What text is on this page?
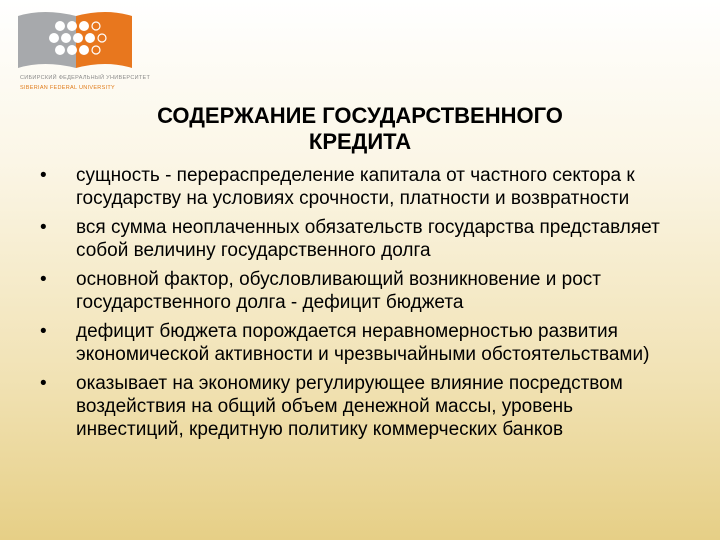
СИБИРСКИЙ ФЕДЕРАЛЬНЫЙ УНИВЕРСИТЕТ
SIBERIAN FEDERAL UNIVERSITY
СОДЕРЖАНИЕ ГОСУДАРСТВЕННОГО
КРЕДИТА
• сущность - перераспределение капитала от частного сектора к государству на условиях срочности, платности и возвратности
• вся сумма неоплаченных обязательств государства представляет собой величину государственного долга
• основной фактор, обусловливающий возникновение и рост государственного долга - дефицит бюджета
• дефицит бюджета порождается неравномерностью развития экономической активности и чрезвычайными обстоятельствами)
• оказывает на экономику регулирующее влияние посредством воздействия на общий объем денежной массы, уровень инвестиций, кредитную политику коммерческих банков
